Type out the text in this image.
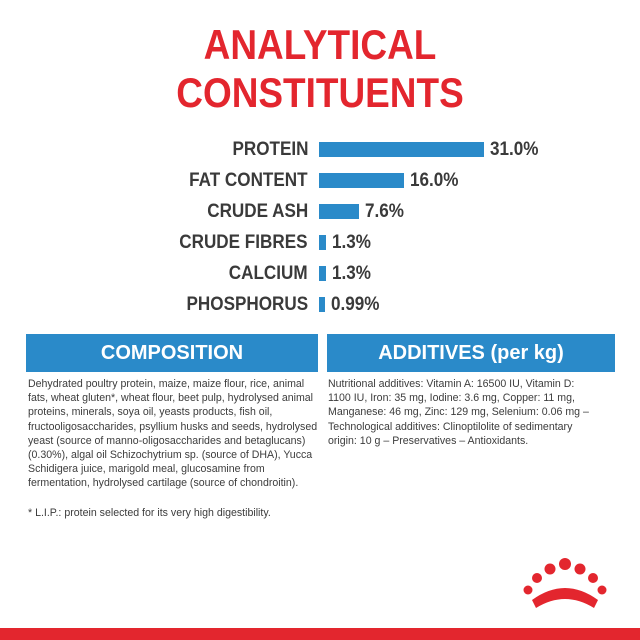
ANALYTICAL
CONSTITUENTS
PROTEIN	31.0%
FAT CONTENT	16.0%
CRUDE ASH	7.6%
CRUDE FIBRES 1.3%
CALCIUM 1.3%
PHOSPHORUS 0.99%
COMPOSITION	ADDITIVES (per kg)
Dehydrated poultry protein, maize, maize flour, rice, animal fats, wheat gluten*, wheat flour, beet pulp, hydrolysed animal proteins, minerals, soya oil, yeasts products, fish oil, fructooligosaccharides, psyllium husks and seeds, hydrolysed yeast (source of manno-oligosaccharides and betaglucans) (0.30%), algal oil Schizochytrium sp. (source of DHA), Yucca Schidigera juice, marigold meal, glucosamine from fermentation, hydrolysed cartilage (source of chondroitin).
* L.I.P.: protein selected for its very high digestibility.
Nutritional additives: Vitamin A: 16500 IU, Vitamin D: 1100 IU, Iron: 35 mg, Iodine: 3.6 mg, Copper: 11 mg, Manganese: 46 mg, Zinc: 129 mg, Selenium: 0.06 mg – Technological additives: Clinoptilolite of sedimentary origin: 10 g – Preservatives – Antioxidants.
